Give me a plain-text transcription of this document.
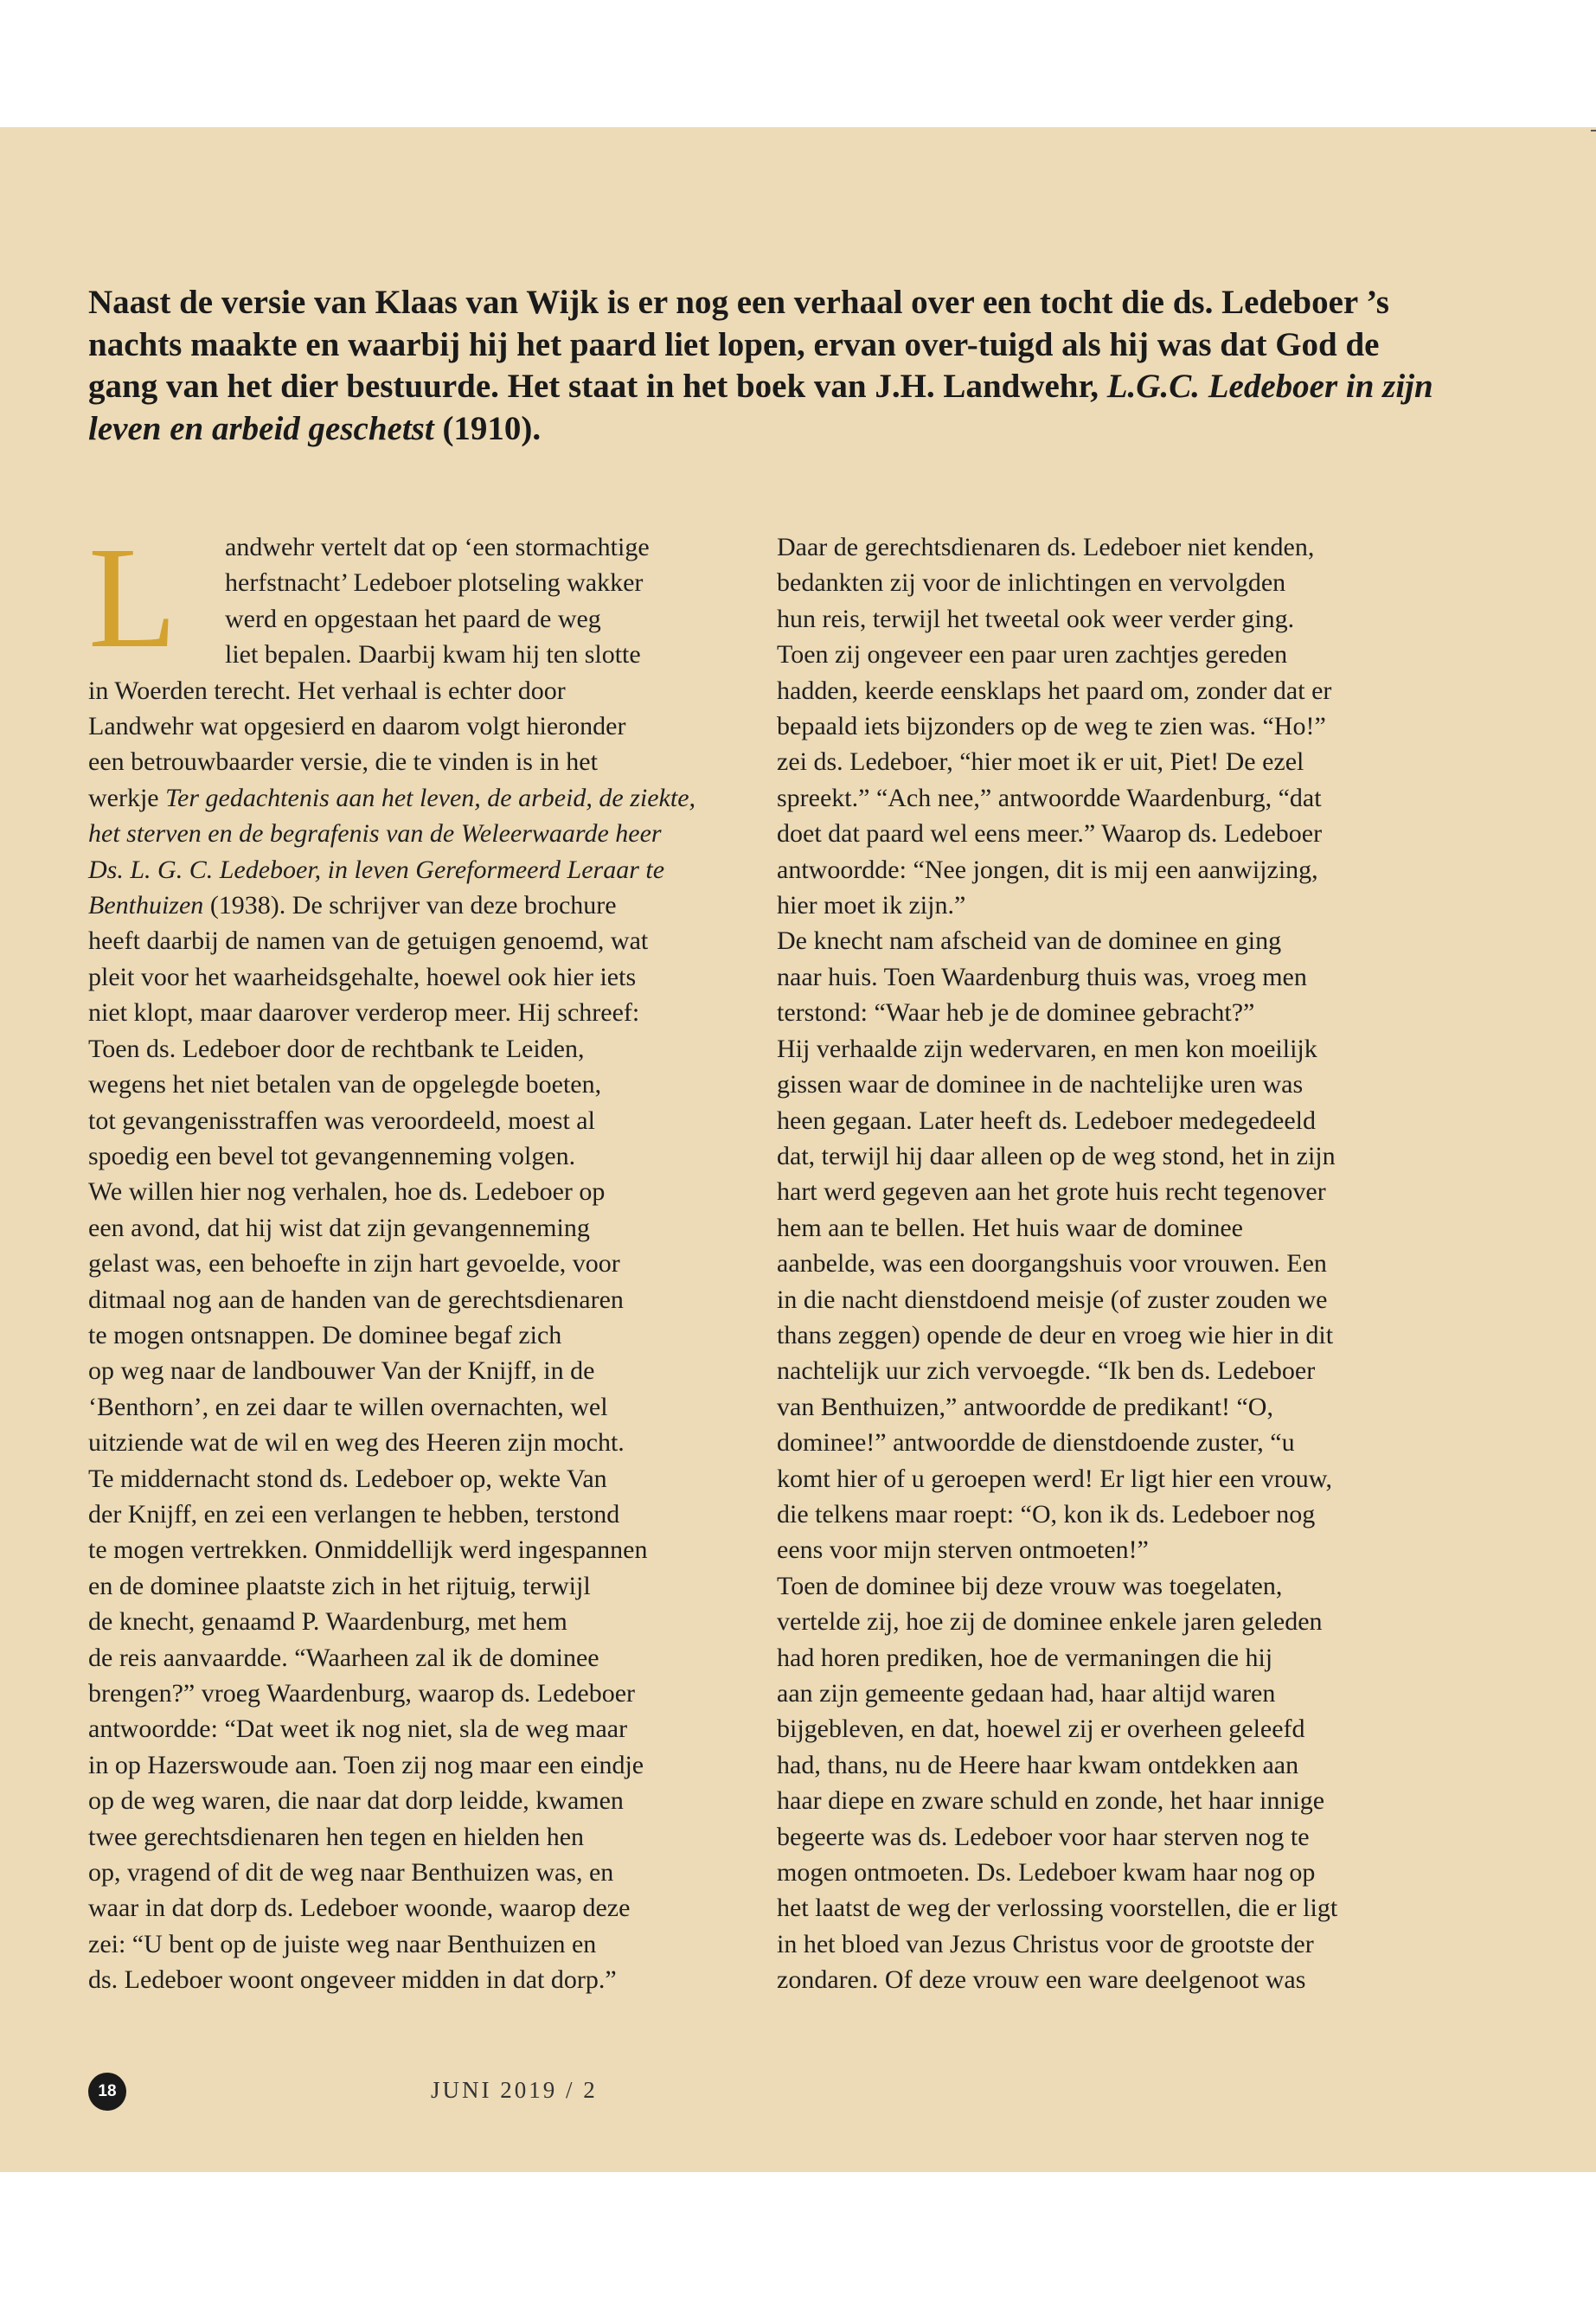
Naast de versie van Klaas van Wijk is er nog een verhaal over een tocht die ds. Ledeboer ’s nachts maakte en waarbij hij het paard liet lopen, ervan over-tuigd als hij was dat God de gang van het dier bestuurde. Het staat in het boek van J.H. Landwehr, L.G.C. Ledeboer in zijn leven en arbeid geschetst (1910).

L	andwehr vertelt dat op ‘een stormachtige

herfstnacht’ Ledeboer plotseling wakker

werd en opgestaan het paard de weg

liet bepalen. Daarbij kwam hij ten slotte

in Woerden terecht. Het verhaal is echter door

Landwehr wat opgesierd en daarom volgt hieronder

een betrouwbaarder versie, die te vinden is in het

werkje Ter gedachtenis aan het leven, de arbeid, de ziekte,

het sterven en de begrafenis van de Weleerwaarde heer

Ds. L. G. C. Ledeboer, in leven Gereformeerd Leraar te

Benthuizen (1938). De schrijver van deze brochure

heeft daarbij de namen van de getuigen genoemd, wat

pleit voor het waarheidsgehalte, hoewel ook hier iets

niet klopt, maar daarover verderop meer. Hij schreef:

Toen ds. Ledeboer door de rechtbank te Leiden,

wegens het niet betalen van de opgelegde boeten,

tot gevangenisstraffen was veroordeeld, moest al

spoedig een bevel tot gevangenneming volgen.

We willen hier nog verhalen, hoe ds. Ledeboer op

een avond, dat hij wist dat zijn gevangenneming

gelast was, een behoefte in zijn hart gevoelde, voor

ditmaal nog aan de handen van de gerechtsdienaren

te mogen ontsnappen. De dominee begaf zich

op weg naar de landbouwer Van der Knijff, in de

‘Benthorn’, en zei daar te willen overnachten, wel

uitziende wat de wil en weg des Heeren zijn mocht.

Te middernacht stond ds. Ledeboer op, wekte Van

der Knijff, en zei een verlangen te hebben, terstond

te mogen vertrekken. Onmiddellijk werd ingespannen

en de dominee plaatste zich in het rijtuig, terwijl

de knecht, genaamd P. Waardenburg, met hem

de reis aanvaardde. “Waarheen zal ik de dominee

brengen?” vroeg Waardenburg, waarop ds. Ledeboer

antwoordde: “Dat weet ik nog niet, sla de weg maar

in op Hazerswoude aan. Toen zij nog maar een eindje

op de weg waren, die naar dat dorp leidde, kwamen

twee gerechtsdienaren hen tegen en hielden hen

op, vragend of dit de weg naar Benthuizen was, en

waar in dat dorp ds. Ledeboer woonde, waarop deze

zei: “U bent op de juiste weg naar Benthuizen en

ds. Ledeboer woont ongeveer midden in dat dorp.”

Daar de gerechtsdienaren ds. Ledeboer niet kenden,

bedankten zij voor de inlichtingen en vervolgden

hun reis, terwijl het tweetal ook weer verder ging.

Toen zij ongeveer een paar uren zachtjes gereden

hadden, keerde eensklaps het paard om, zonder dat er

bepaald iets bijzonders op de weg te zien was. “Ho!”

zei ds. Ledeboer, “hier moet ik er uit, Piet! De ezel

spreekt.” “Ach nee,” antwoordde Waardenburg, “dat

doet dat paard wel eens meer.” Waarop ds. Ledeboer

antwoordde: “Nee jongen, dit is mij een aanwijzing,

hier moet ik zijn.”

De knecht nam afscheid van de dominee en ging

naar huis. Toen Waardenburg thuis was, vroeg men

terstond: “Waar heb je de dominee gebracht?”

Hij verhaalde zijn wedervaren, en men kon moeilijk

gissen waar de dominee in de nachtelijke uren was

heen gegaan. Later heeft ds. Ledeboer medegedeeld

dat, terwijl hij daar alleen op de weg stond, het in zijn

hart werd gegeven aan het grote huis recht tegenover

hem aan te bellen. Het huis waar de dominee

aanbelde, was een doorgangshuis voor vrouwen. Een

in die nacht dienstdoend meisje (of zuster zouden we

thans zeggen) opende de deur en vroeg wie hier in dit

nachtelijk uur zich vervoegde. “Ik ben ds. Ledeboer

van Benthuizen,” antwoordde de predikant! “O,

dominee!” antwoordde de dienstdoende zuster, “u

komt hier of u geroepen werd! Er ligt hier een vrouw,

die telkens maar roept: “O, kon ik ds. Ledeboer nog

eens voor mijn sterven ontmoeten!”

Toen de dominee bij deze vrouw was toegelaten,

vertelde zij, hoe zij de dominee enkele jaren geleden

had horen prediken, hoe de vermaningen die hij

aan zijn gemeente gedaan had, haar altijd waren

bijgebleven, en dat, hoewel zij er overheen geleefd

had, thans, nu de Heere haar kwam ontdekken aan

haar diepe en zware schuld en zonde, het haar innige

begeerte was ds. Ledeboer voor haar sterven nog te

mogen ontmoeten. Ds. Ledeboer kwam haar nog op

het laatst de weg der verlossing voorstellen, die er ligt

in het bloed van Jezus Christus voor de grootste der

zondaren. Of deze vrouw een ware deelgenoot was

18	JUNI 2019 / 2
